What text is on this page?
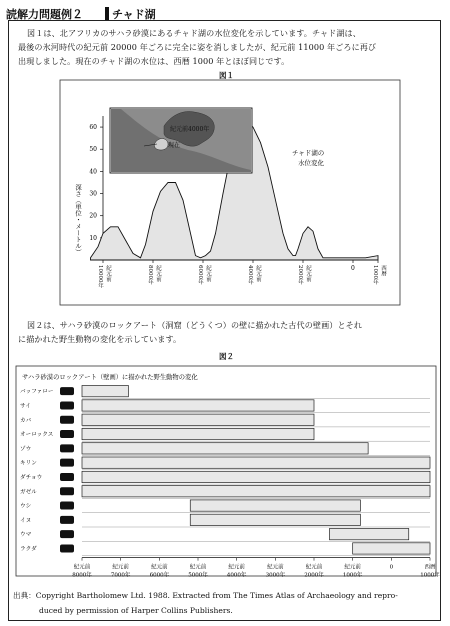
読解力問題例２	チャド湖
図１は、北アフリカのサハラ砂漠にあるチャド湖の水位変化を示しています。チャド湖は、
最後の氷河時代の紀元前 20000 年ごろに完全に姿を消しましたが、紀元前 11000 年ごろに再び
出現しました。現在のチャド湖の水位は、西暦 1000 年とほぼ同じです。
図１
10
20
30
40
50
60
紀元前
10000年	紀元前
8000年	紀元前
6000年	紀元前
4000年	紀元前
2000年	0	西暦
1000年
深さ（単位・メートル）
チャド湖の
水位変化
紀元前4000年
現在
図２は、サハラ砂漠のロックアート（洞窟（どうくつ）の壁に描かれた古代の壁画）とそれ
に描かれた野生動物の変化を示しています。
図２
サハラ砂漠のロックアート（壁画）に描かれた野生動物の変化
バッファロー
サイ
カバ
オーロックス
ゾウ
キリン
ダチョウ
ガゼル
ウシ
イヌ
ウマ
ラクダ
紀元前
8000年
紀元前
7000年
紀元前
6000年
紀元前
5000年
紀元前
4000年
紀元前
3000年
紀元前
2000年
紀元前
1000年
0	西暦
1000年
出典：Copyright Bartholomew Ltd. 1988. Extracted from The Times Atlas of Archaeology and repro-
duced by permission of Harper Collins Publishers.
